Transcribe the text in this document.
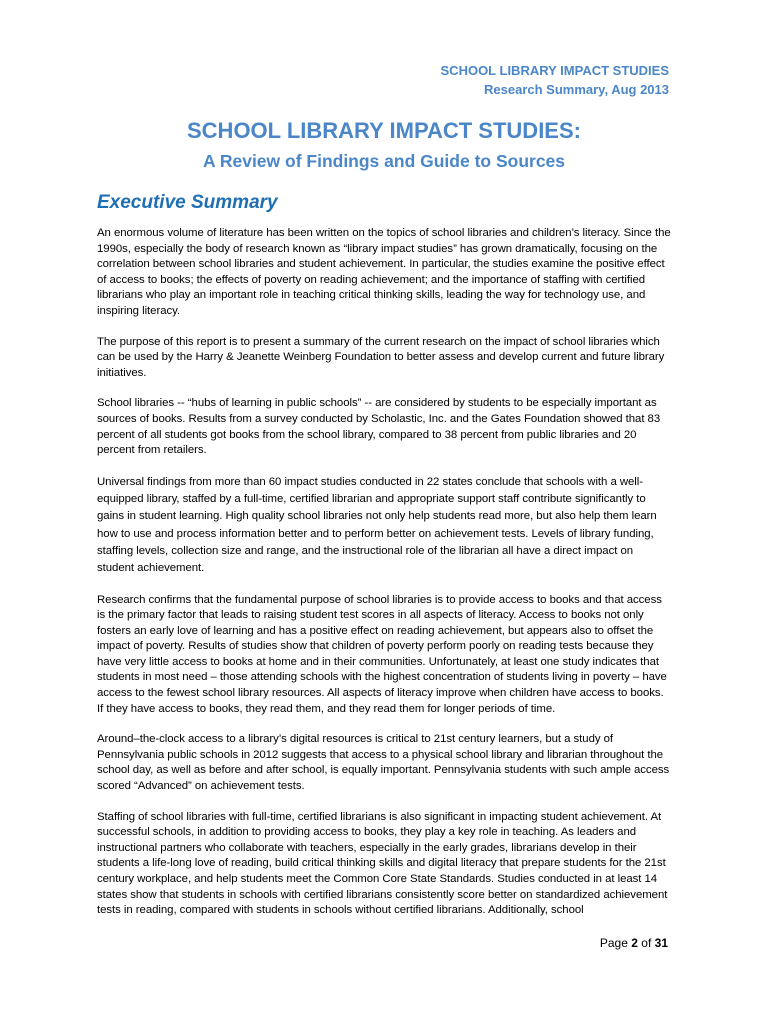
SCHOOL LIBRARY IMPACT STUDIES
Research Summary, Aug 2013
SCHOOL LIBRARY IMPACT STUDIES:
A Review of Findings and Guide to Sources
Executive Summary

An enormous volume of literature has been written on the topics of school libraries and children’s literacy. Since the 1990s, especially the body of research known as “library impact studies” has grown dramatically, focusing on the correlation between school libraries and student achievement. In particular, the studies examine the positive effect of access to books; the effects of poverty on reading achievement; and the importance of staffing with certified librarians who play an important role in teaching critical thinking skills, leading the way for technology use, and inspiring literacy.

The purpose of this report is to present a summary of the current research on the impact of school libraries which can be used by the Harry & Jeanette Weinberg Foundation to better assess and develop current and future library initiatives.

School libraries -- “hubs of learning in public schools” -- are considered by students to be especially important as sources of books. Results from a survey conducted by Scholastic, Inc. and the Gates Foundation showed that 83 percent of all students got books from the school library, compared to 38 percent from public libraries and 20 percent from retailers.

Universal findings from more than 60 impact studies conducted in 22 states conclude that schools with a well-equipped library, staffed by a full-time, certified librarian and appropriate support staff contribute significantly to gains in student learning. High quality school libraries not only help students read more, but also help them learn how to use and process information better and to perform better on achievement tests. Levels of library funding, staffing levels, collection size and range, and the instructional role of the librarian all have a direct impact on student achievement.

Research confirms that the fundamental purpose of school libraries is to provide access to books and that access is the primary factor that leads to raising student test scores in all aspects of literacy. Access to books not only fosters an early love of learning and has a positive effect on reading achievement, but appears also to offset the impact of poverty. Results of studies show that children of poverty perform poorly on reading tests because they have very little access to books at home and in their communities. Unfortunately, at least one study indicates that students in most need – those attending schools with the highest concentration of students living in poverty – have access to the fewest school library resources. All aspects of literacy improve when children have access to books. If they have access to books, they read them, and they read them for longer periods of time.

Around–the-clock access to a library’s digital resources is critical to 21st century learners, but a study of Pennsylvania public schools in 2012 suggests that access to a physical school library and librarian throughout the school day, as well as before and after school, is equally important. Pennsylvania students with such ample access scored “Advanced” on achievement tests.

Staffing of school libraries with full-time, certified librarians is also significant in impacting student achievement. At successful schools, in addition to providing access to books, they play a key role in teaching. As leaders and instructional partners who collaborate with teachers, especially in the early grades, librarians develop in their students a life-long love of reading, build critical thinking skills and digital literacy that prepare students for the 21st century workplace, and help students meet the Common Core State Standards. Studies conducted in at least 14 states show that students in schools with certified librarians consistently score better on standardized achievement tests in reading, compared with students in schools without certified librarians. Additionally, school

Page 2 of 31
